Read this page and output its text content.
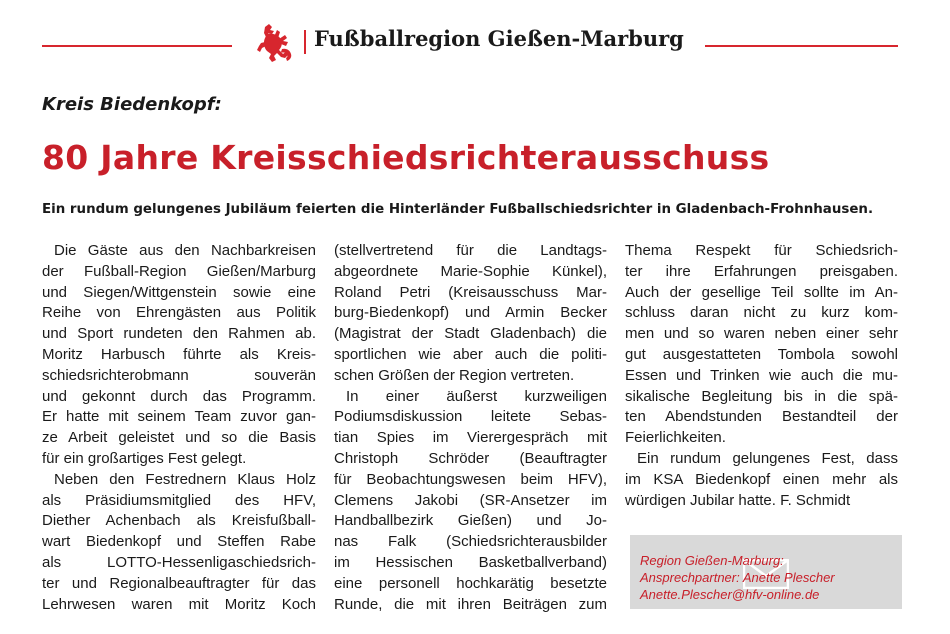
Fußballregion Gießen-Marburg
Kreis Biedenkopf:
80 Jahre Kreisschiedsrichterausschuss
Ein rundum gelungenes Jubiläum feierten die Hinterländer Fußballschiedsrichter in Gladenbach-Frohnhausen.
Die Gäste aus den Nachbarkreisen
der Fußball-Region Gießen/Marburg
und Siegen/Wittgenstein sowie eine
Reihe von Ehrengästen aus Politik
und Sport rundeten den Rahmen ab.
Moritz Harbusch führte als Kreis-
schiedsrichterobmann souverän
und gekonnt durch das Programm.
Er hatte mit seinem Team zuvor gan-
ze Arbeit geleistet und so die Basis
für ein großartiges Fest gelegt.
Neben den Festrednern Klaus Holz
als Präsidiumsmitglied des HFV,
Diether Achenbach als Kreisfußball-
wart Biedenkopf und Steffen Rabe
als LOTTO-Hessenligaschiedsrich-
ter und Regionalbeauftragter für das
Lehrwesen waren mit Moritz Koch
(stellvertretend für die Landtags-
abgeordnete Marie-Sophie Künkel),
Roland Petri (Kreisausschuss Mar-
burg-Biedenkopf) und Armin Becker
(Magistrat der Stadt Gladenbach) die
sportlichen wie aber auch die politi-
schen Größen der Region vertreten.
In einer äußerst kurzweiligen
Podiumsdiskussion leitete Sebas-
tian Spies im Vierergespräch mit
Christoph Schröder (Beauftragter
für Beobachtungswesen beim HFV),
Clemens Jakobi (SR-Ansetzer im
Handballbezirk Gießen) und Jo-
nas Falk (Schiedsrichterausbilder
im Hessischen Basketballverband)
eine personell hochkarätig besetzte
Runde, die mit ihren Beiträgen zum
Thema Respekt für Schiedsrich-
ter ihre Erfahrungen preisgaben.
Auch der gesellige Teil sollte im An-
schluss daran nicht zu kurz kom-
men und so waren neben einer sehr
gut ausgestatteten Tombola sowohl
Essen und Trinken wie auch die mu-
sikalische Begleitung bis in die spä-
ten Abendstunden Bestandteil der
Feierlichkeiten.
Ein rundum gelungenes Fest, dass
im KSA Biedenkopf einen mehr als
würdigen Jubilar hatte. F. Schmidt
Region Gießen-Marburg:
Ansprechpartner: Anette Plescher
Anette.Plescher@hfv-online.de
